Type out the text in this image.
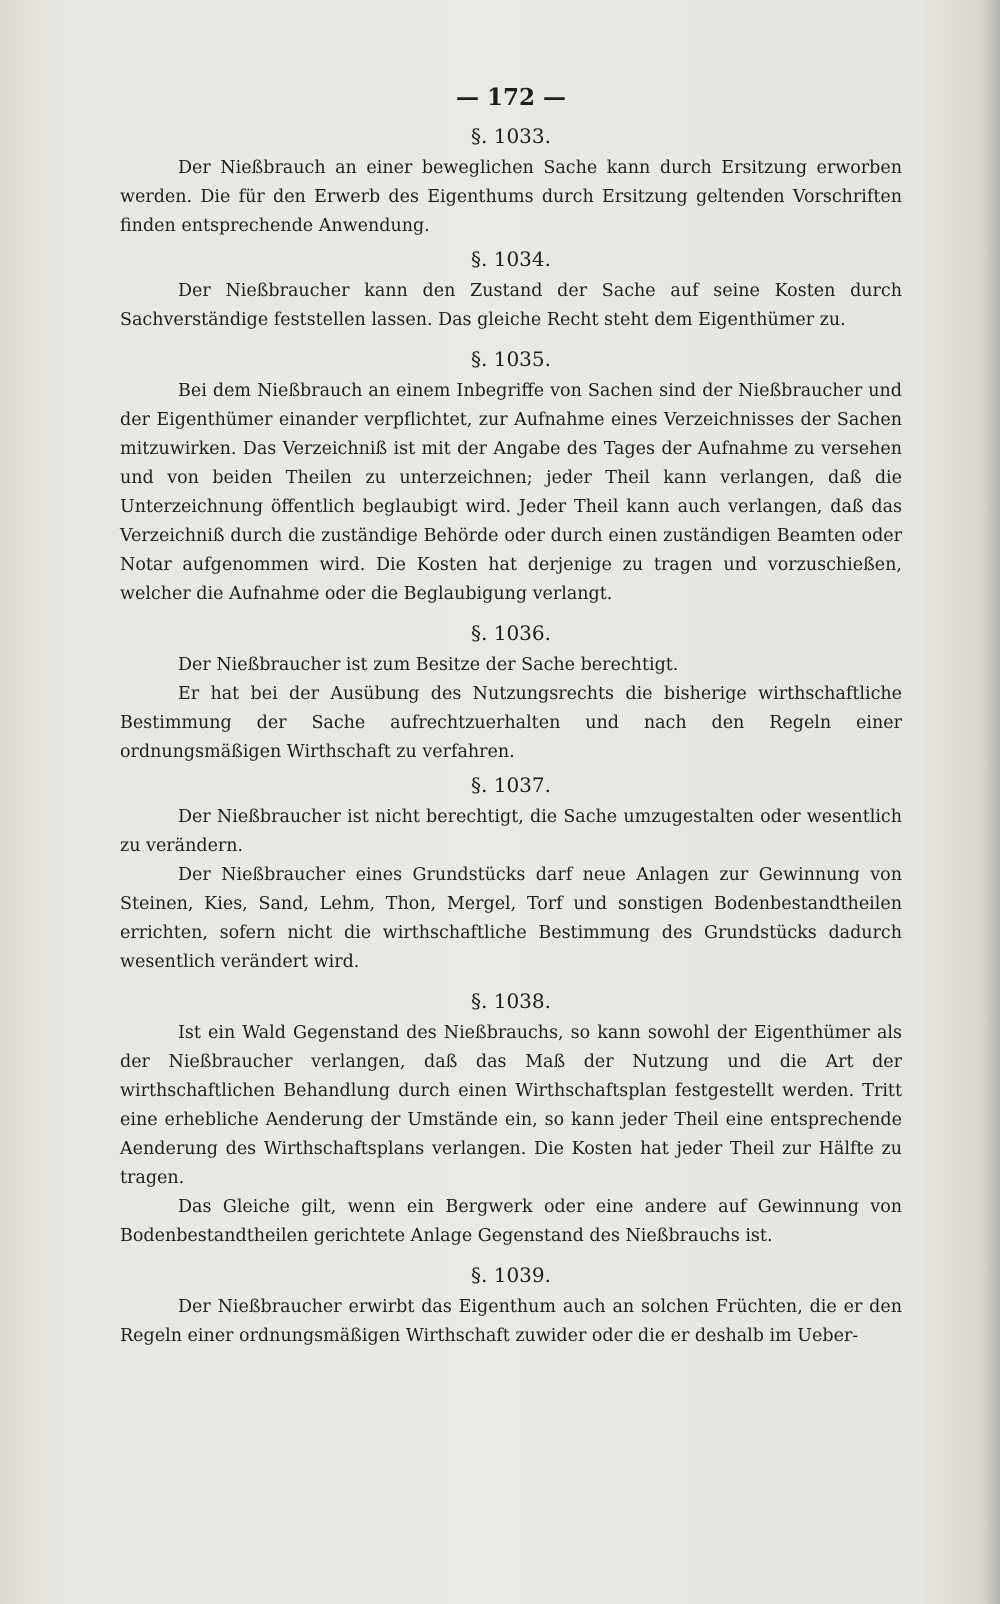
— 172 —

§. 1033.

Der Nießbrauch an einer beweglichen Sache kann durch Ersitzung erworben werden. Die für den Erwerb des Eigenthums durch Ersitzung geltenden Vorschriften finden entsprechende Anwendung.

§. 1034.

Der Nießbraucher kann den Zustand der Sache auf seine Kosten durch Sachverständige feststellen lassen. Das gleiche Recht steht dem Eigenthümer zu.

§. 1035.

Bei dem Nießbrauch an einem Inbegriffe von Sachen sind der Nießbraucher und der Eigenthümer einander verpflichtet, zur Aufnahme eines Verzeichnisses der Sachen mitzuwirken. Das Verzeichniß ist mit der Angabe des Tages der Aufnahme zu versehen und von beiden Theilen zu unterzeichnen; jeder Theil kann verlangen, daß die Unterzeichnung öffentlich beglaubigt wird. Jeder Theil kann auch verlangen, daß das Verzeichniß durch die zuständige Behörde oder durch einen zuständigen Beamten oder Notar aufgenommen wird. Die Kosten hat derjenige zu tragen und vorzuschießen, welcher die Aufnahme oder die Beglaubigung verlangt.

§. 1036.

Der Nießbraucher ist zum Besitze der Sache berechtigt.

Er hat bei der Ausübung des Nutzungsrechts die bisherige wirthschaftliche Bestimmung der Sache aufrechtzuerhalten und nach den Regeln einer ordnungsmäßigen Wirthschaft zu verfahren.

§. 1037.

Der Nießbraucher ist nicht berechtigt, die Sache umzugestalten oder wesentlich zu verändern.

Der Nießbraucher eines Grundstücks darf neue Anlagen zur Gewinnung von Steinen, Kies, Sand, Lehm, Thon, Mergel, Torf und sonstigen Bodenbestandtheilen errichten, sofern nicht die wirthschaftliche Bestimmung des Grundstücks dadurch wesentlich verändert wird.

§. 1038.

Ist ein Wald Gegenstand des Nießbrauchs, so kann sowohl der Eigenthümer als der Nießbraucher verlangen, daß das Maß der Nutzung und die Art der wirthschaftlichen Behandlung durch einen Wirthschaftsplan festgestellt werden. Tritt eine erhebliche Aenderung der Umstände ein, so kann jeder Theil eine entsprechende Aenderung des Wirthschaftsplans verlangen. Die Kosten hat jeder Theil zur Hälfte zu tragen.

Das Gleiche gilt, wenn ein Bergwerk oder eine andere auf Gewinnung von Bodenbestandtheilen gerichtete Anlage Gegenstand des Nießbrauchs ist.

§. 1039.

Der Nießbraucher erwirbt das Eigenthum auch an solchen Früchten, die er den Regeln einer ordnungsmäßigen Wirthschaft zuwider oder die er deshalb im Ueber-
